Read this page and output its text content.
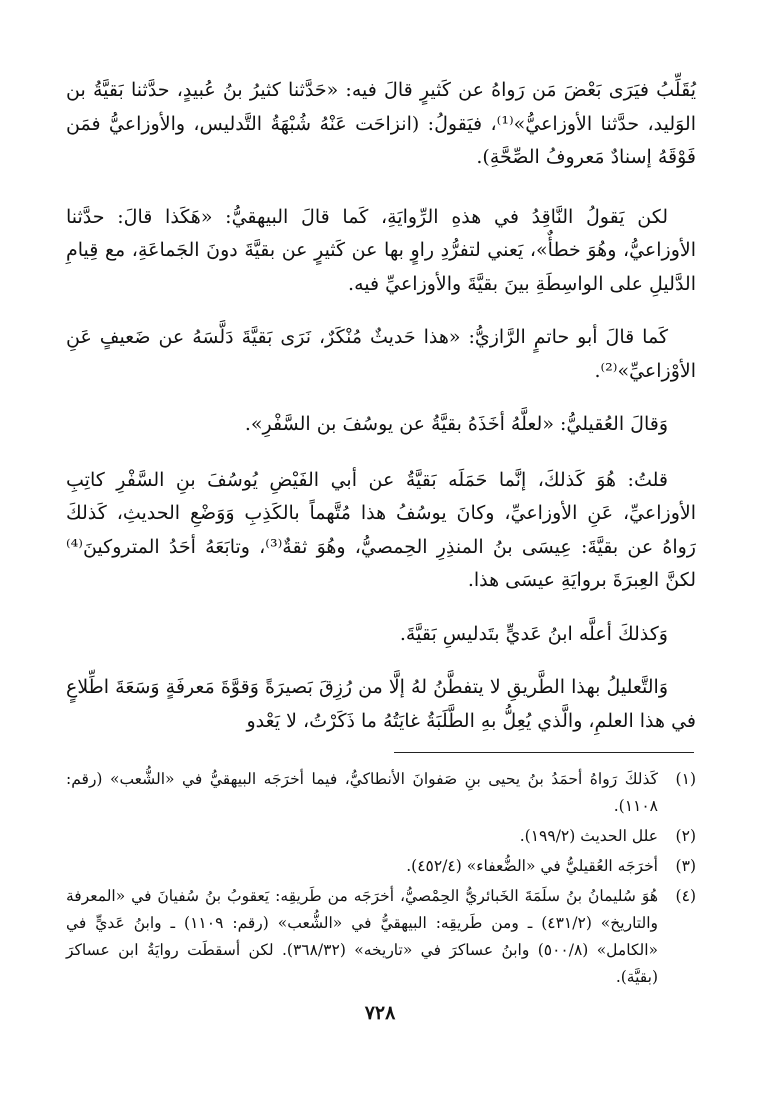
يُقَلِّبُ فيَرَى بَعْضَ مَن رَواهُ عن كَثيرٍ قالَ فيه: «حَدَّثنا كثيرُ بنُ عُبيدٍ، حدَّثنا بَقيَّةُ بن الوَليد، حدَّثنا الأوزاعيُّ»⁽¹⁾، فيَقولُ: (انزاحَت عَنْهُ شُبْهَةُ التَّدليس، والأوزاعيُّ فمَن فَوْقَهُ إسنادٌ مَعروفُ الصِّحَّةِ).

لكن يَقولُ النَّاقِدُ في هذهِ الرِّوايَةِ، كَما قالَ البيهقيُّ: «هَكَذا قالَ: حدَّثنا الأوزاعيُّ، وهُوَ خطأٌ»، يَعني لتفرُّدِ راوٍ بها عن كَثيرٍ عن بقيَّةَ دونَ الجَماعَةِ، مع قِيامِ الدَّليلِ على الواسِطَةِ بينَ بقيَّةَ والأوزاعيِّ فيه.

كَما قالَ أبو حاتمٍ الرَّازيُّ: «هذا حَديثٌ مُنْكَرٌ، نَرَى بَقيَّةَ دَلَّسَهُ عن ضَعيفٍ عَنِ الأوْزاعيِّ»⁽²⁾.

وَقالَ العُقيليُّ: «لعلَّهُ أخَذَهُ بقيَّةُ عن يوسُفَ بن السَّفْرِ».

قلتُ: هُوَ كَذلكَ، إنَّما حَمَلَه بَقيَّةُ عن أبي الفَيْضِ يُوسُفَ بنِ السَّفْرِ كاتِبِ الأوزاعيِّ، عَنِ الأوزاعيِّ، وكانَ يوسُفُ هذا مُتَّهماً بالكَذِبِ وَوَضْعِ الحديثِ، كَذلكَ رَواهُ عن بقيَّةَ: عِيسَى بنُ المنذِرِ الحِمصيُّ، وهُوَ ثقةٌ⁽³⁾، وتابَعَهُ أحَدُ المتروكينَ⁽⁴⁾ لكنَّ العِبرَةَ بروايَةِ عيسَى هذا.

وَكذلكَ أعلَّه ابنُ عَديٍّ بتَدليسِ بَقيَّةَ.

وَالتَّعليلُ بهذا الطَّريقِ لا يتفطَّنُ لهُ إلَّا من رُزِقَ بَصيرَةً وَقوَّةَ مَعرفَةٍ وَسَعَةَ اطِّلاعٍ في هذا العلمِ، والَّذي يُعِلُّ بهِ الطَّلَبَةُ غايَتُهُ ما ذَكَرْتُ، لا يَعْدو

(١)
كَذلكَ رَواهُ أحمَدُ بنُ يحيى بنِ صَفوانَ الأنطاكيُّ، فيما أخرَجَه البيهقيُّ في «الشُّعب» (رقم: ١١٠٨).
(٢)
علل الحديث (١٩٩/٢).
(٣)
أخرَجَه العُقيليُّ في «الضُّعفاء» (٤٥٢/٤).
(٤)
هُوَ سُليمانُ بنُ سلَمَةَ الخَبائريُّ الحِمْصيُّ، أخرَجَه من طَريقِه: يَعقوبُ بنُ سُفيانَ في «المعرفة والتاريخ» (٤٣١/٢) ـ ومن طَريقِه: البيهقيُّ في «الشُّعب» (رقم: ١١٠٩) ـ وابنُ عَديٍّ في «الكامل» (٥٠٠/٨) وابنُ عساكرَ في «تاريخه» (٣٦٨/٣٢). لكن أسقطَت روايَةُ ابن عساكرَ (بقيَّة).
٧٢٨
